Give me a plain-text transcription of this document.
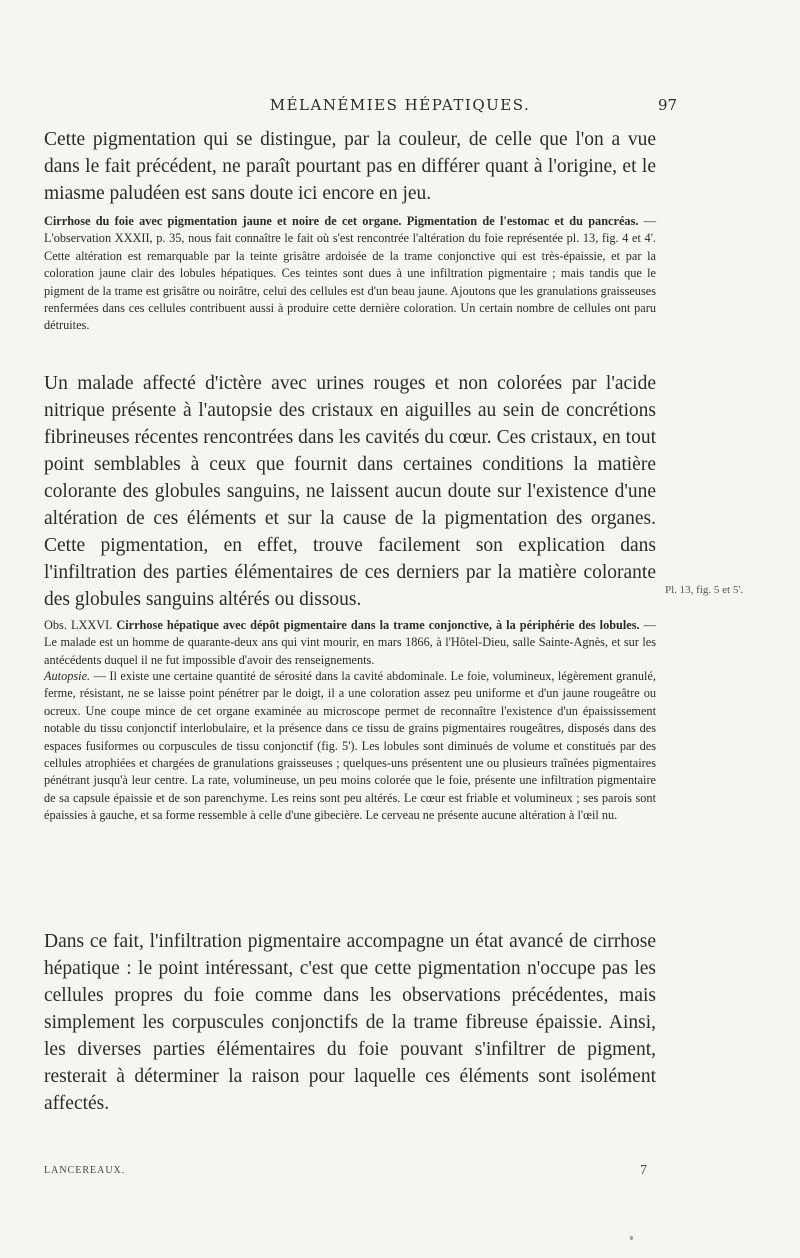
MÉLANÉMIES HÉPATIQUES.	97
Cette pigmentation qui se distingue, par la couleur, de celle que l'on a vue dans le fait précédent, ne paraît pourtant pas en différer quant à l'origine, et le miasme paludéen est sans doute ici encore en jeu.
Cirrhose du foie avec pigmentation jaune et noire de cet organe. Pigmentation de l'estomac et du pancréas. — L'observation XXXII, p. 35, nous fait connaître le fait où s'est rencontrée l'altération du foie représentée pl. 13, fig. 4 et 4'. Cette altération est remarquable par la teinte grisâtre ardoisée de la trame conjonctive qui est très-épaissie, et par la coloration jaune clair des lobules hépatiques. Ces teintes sont dues à une infiltration pigmentaire ; mais tandis que le pigment de la trame est grisâtre ou noirâtre, celui des cellules est d'un beau jaune. Ajoutons que les granulations graisseuses renfermées dans ces cellules contribuent aussi à produire cette dernière coloration. Un certain nombre de cellules ont paru détruites.
Un malade affecté d'ictère avec urines rouges et non colorées par l'acide nitrique présente à l'autopsie des cristaux en aiguilles au sein de concrétions fibrineuses récentes rencontrées dans les cavités du cœur. Ces cristaux, en tout point semblables à ceux que fournit dans certaines conditions la matière colorante des globules sanguins, ne laissent aucun doute sur l'existence d'une altération de ces éléments et sur la cause de la pigmentation des organes. Cette pigmentation, en effet, trouve facilement son explication dans l'infiltration des parties élémentaires de ces derniers par la matière colorante des globules sanguins altérés ou dissous.
Obs. LXXVI. Cirrhose hépatique avec dépôt pigmentaire dans la trame conjonctive, à la périphérie des lobules. — Le malade est un homme de quarante-deux ans qui vint mourir, en mars 1866, à l'Hôtel-Dieu, salle Sainte-Agnès, et sur les antécédents duquel il ne fut impossible d'avoir des renseignements.
Autopsie. — Il existe une certaine quantité de sérosité dans la cavité abdominale. Le foie, volumineux, légèrement granulé, ferme, résistant, ne se laisse point pénétrer par le doigt, il a une coloration assez peu uniforme et d'un jaune rougeâtre ou ocreux. Une coupe mince de cet organe examinée au microscope permet de reconnaître l'existence d'un épaississement notable du tissu conjonctif interlobulaire, et la présence dans ce tissu de grains pigmentaires rougeâtres, disposés dans des espaces fusiformes ou corpuscules de tissu conjonctif (fig. 5'). Les lobules sont diminués de volume et constitués par des cellules atrophiées et chargées de granulations graisseuses ; quelques-uns présentent une ou plusieurs traînées pigmentaires pénétrant jusqu'à leur centre. La rate, volumineuse, un peu moins colorée que le foie, présente une infiltration pigmentaire de sa capsule épaissie et de son parenchyme. Les reins sont peu altérés. Le cœur est friable et volumineux ; ses parois sont épaissies à gauche, et sa forme ressemble à celle d'une gibecière. Le cerveau ne présente aucune altération à l'œil nu.
Pl. 13, fig. 5 et 5'.
Dans ce fait, l'infiltration pigmentaire accompagne un état avancé de cirrhose hépatique : le point intéressant, c'est que cette pigmentation n'occupe pas les cellules propres du foie comme dans les observations précédentes, mais simplement les corpuscules conjonctifs de la trame fibreuse épaissie. Ainsi, les diverses parties élémentaires du foie pouvant s'infiltrer de pigment, resterait à déterminer la raison pour laquelle ces éléments sont isolément affectés.
LANCEREAUX.	7
